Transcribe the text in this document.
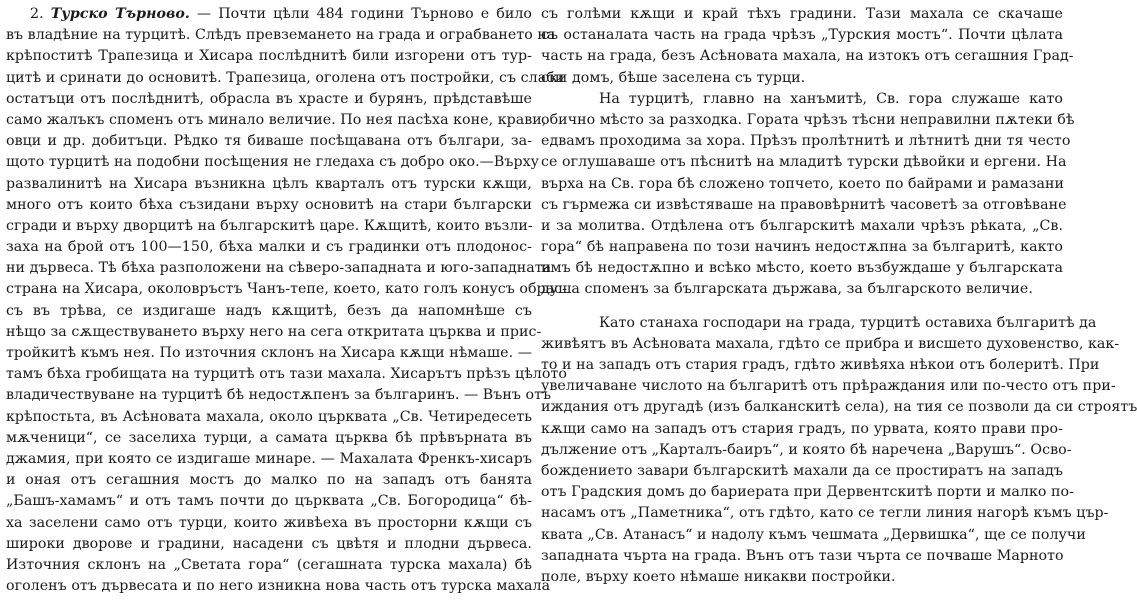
2. Турско Търново. — Почти цѣли 484 години Търново е било
въ владѣние на турцитѣ. Слѣдъ превземането на града и ограбването на
крѣпоститѣ Трапезица и Хисара послѣднитѣ били изгорени отъ тур-
цитѣ и сринати до основитѣ. Трапезица, оголена отъ постройки, съ слаби
остатъци отъ послѣднитѣ, обрасла въ храсте и бурянъ, прѣдставѣше
само жалъкъ споменъ отъ минало величие. По нея пасѣха коне, крави,
овци и др. добитъци. Рѣдко тя биваше посѣщавана отъ българи, за-
щото турцитѣ на подобни посѣщения не гледаха съ добро око.—Върху
развалинитѣ на Хисара възникна цѣлъ кварталъ отъ турски кѫщи,
много отъ които бѣха съзидани върху основитѣ на стари български
сгради и върху дворцитѣ на българскитѣ царе. Кѫщитѣ, които възли-
заха на брой отъ 100—150, бѣха малки и съ градинки отъ плодонос-
ни дървеса. Тѣ бѣха разположени на сѣверо-западната и юго-западната
страна на Хисара, околовръстъ Чанъ-тепе, което, като голъ конусъ обрас-
съ въ трѣва, се издигаше надъ кѫщитѣ, безъ да напомнѣше съ
нѣщо за сѫществуването върху него на сега откритата църква и прис-
тройкитѣ къмъ нея. По източния склонъ на Хисара кѫщи нѣмаше. —
тамъ бѣха гробищата на турцитѣ отъ тази махала. Хисарътъ прѣзъ цѣлото
владичествуване на турцитѣ бѣ недостѫпенъ за българинъ. — Вънъ отъ
крѣпостьта, въ Асѣновата махала, около църквата „Св. Четиредесеть
мѫченици“, се заселиха турци, а самата църква бѣ прѣвърната въ
джамия, при която се издигаше минаре. — Махалата Френкъ-хисаръ
и оная отъ сегашния мостъ до малко по на западъ отъ банята
„Башъ-хамамъ“ и отъ тамъ почти до църквата „Св. Богородица“ бѣ-
ха заселени само отъ турци, които живѣеха въ просторни кѫщи съ
широки дворове и градини, насадени съ цвѣтя и плодни дървеса.
Източния склонъ на „Светата гора“ (сегашната турска махала) бѣ
оголенъ отъ дървесата и по него изникна нова часть отъ турска махала
съ голѣми кѫщи и край тѣхъ градини. Тази махала се скачаше
съ останалата часть на града чрѣзъ „Турския мостъ“. Почти цѣлата
часть на града, безъ Асѣновата махала, на изтокъ отъ сегашния Град-
ски домъ, бѣше заселена съ турци.
На турцитѣ, главно на ханъмитѣ, Св. гора служаше като
обично мѣсто за разходка. Гората чрѣзъ тѣсни неправилни пѫтеки бѣ
едвамъ проходима за хора. Прѣзъ пролѣтнитѣ и лѣтнитѣ дни тя често
се оглушаваше отъ пѣснитѣ на младитѣ турски дѣвойки и ергени. На
върха на Св. гора бѣ сложено топчето, което по байрами и рамазани
съ гърмежа си извѣстяваше на правовѣрнитѣ часоветѣ за отговѣване
и за молитва. Отдѣлена отъ българскитѣ махали чрѣзъ рѣката, „Св.
гора“ бѣ направена по този начинъ недостѫпна за българитѣ, както
имъ бѣ недостѫпно и всѣко мѣсто, което възбуждаше у българската
душа споменъ за българската държава, за българското величие.
Като станаха господари на града, турцитѣ оставиха българитѣ да
живѣятъ въ Асѣновата махала, гдѣто се прибра и висшето духовенство, как-
то и на западъ отъ стария градъ, гдѣто живѣяха нѣкои отъ болеритѣ. При
увеличаване числото на българитѣ отъ прѣраждания или по-често отъ при-
иждания отъ другадѣ (изъ балканскитѣ села), на тия се позволи да си строятъ
кѫщи само на западъ отъ стария градъ, по урвата, която прави про-
дължение отъ „Карталъ-баиръ“, и която бѣ наречена „Варушъ“. Осво-
бождението завари българскитѣ махали да се простиратъ на западъ
отъ Градския домъ до бариерата при Дервентскитѣ порти и малко по-
насамъ отъ „Паметника“, отъ гдѣто, като се тегли линия нагорѣ къмъ цър-
квата „Св. Атанасъ“ и надолу къмъ чешмата „Дервишка“, ще се получи
западната чърта на града. Вънъ отъ тази чърта се почваше Марното
поле, върху което нѣмаше никакви постройки.
